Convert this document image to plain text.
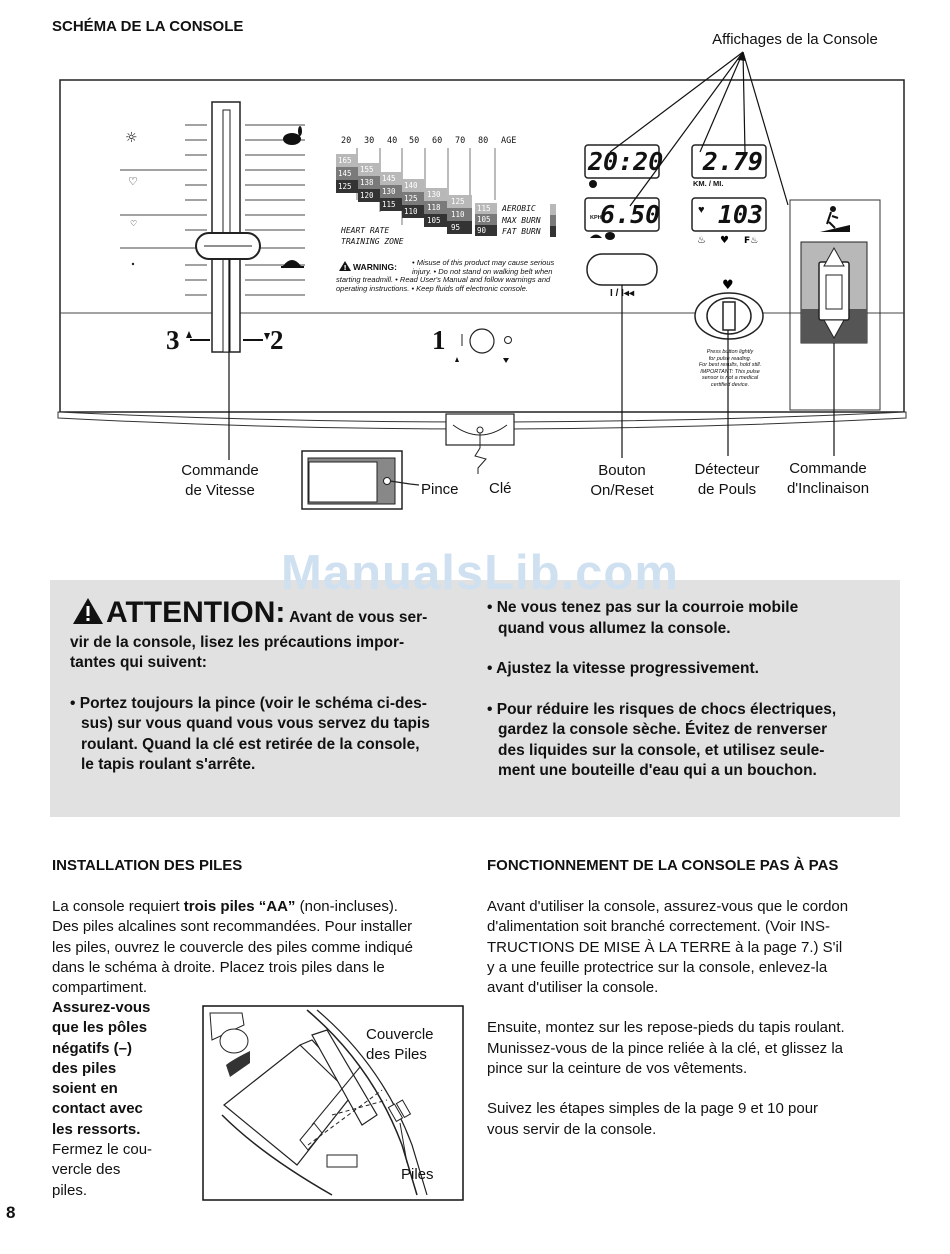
SCHÉMA DE LA CONSOLE
Affichages de la Console
☼
♡
♡
!
♨ ♥ F♨
♥
20 30 40 50 60 70 80 AGE
165
155
145
140
130
125
115
145
138
130
125
118
110
105
125
120
115
110
105
95 90
AEROBIC
MAX BURN
FAT BURN
HEART RATE
TRAINING ZONE
WARNING: • Misuse of this product may cause serious
injury. • Do not stand on walking belt when
starting treadmill. • Read User's Manual and follow warnings and
operating instructions. • Keep fluids off electronic console.
20:20	2.79
KM. / MI.
KPH
6.50	♥ 103
I / I◂◂
Press button lightly
for pulse reading.
For best results, hold still.
IMPORTANT: This pulse
sensor is not a medical
certified device.
3	2	1
Commande
de Vitesse	Pince Clé
Bouton
On/Reset
Détecteur
de Pouls
Commande
d'Inclinaison
ManualsLib.com
ATTENTION: Avant de vous ser-
vir de la console, lisez les précautions impor-
tantes qui suivent:
• Portez toujours la pince (voir le schéma ci-des-
sus) sur vous quand vous vous servez du tapis
roulant. Quand la clé est retirée de la console,
le tapis roulant s'arrête.
• Ne vous tenez pas sur la courroie mobile
quand vous allumez la console.
• Ajustez la vitesse progressivement.
• Pour réduire les risques de chocs électriques,
gardez la console sèche. Évitez de renverser
des liquides sur la console, et utilisez seule-
ment une bouteille d'eau qui a un bouchon.
INSTALLATION DES PILES
La console requiert trois piles “AA” (non-incluses).
Des piles alcalines sont recommandées. Pour installer
les piles, ouvrez le couvercle des piles comme indiqué
dans le schéma à droite. Placez trois piles dans le
compartiment.
Assurez-vous
que les pôles
négatifs (–)
des piles
soient en
contact avec
les ressorts.
Fermez le cou-
vercle des
piles.
Couvercle
des Piles
Piles
FONCTIONNEMENT DE LA CONSOLE PAS À PAS
Avant d'utiliser la console, assurez-vous que le cordon
d'alimentation soit branché correctement. (Voir INS-
TRUCTIONS DE MISE À LA TERRE à la page 7.) S'il
y a une feuille protectrice sur la console, enlevez-la
avant d'utiliser la console.
Ensuite, montez sur les repose-pieds du tapis roulant.
Munissez-vous de la pince reliée à la clé, et glissez la
pince sur la ceinture de vos vêtements.
Suivez les étapes simples de la page 9 et 10 pour
vous servir de la console.
8
